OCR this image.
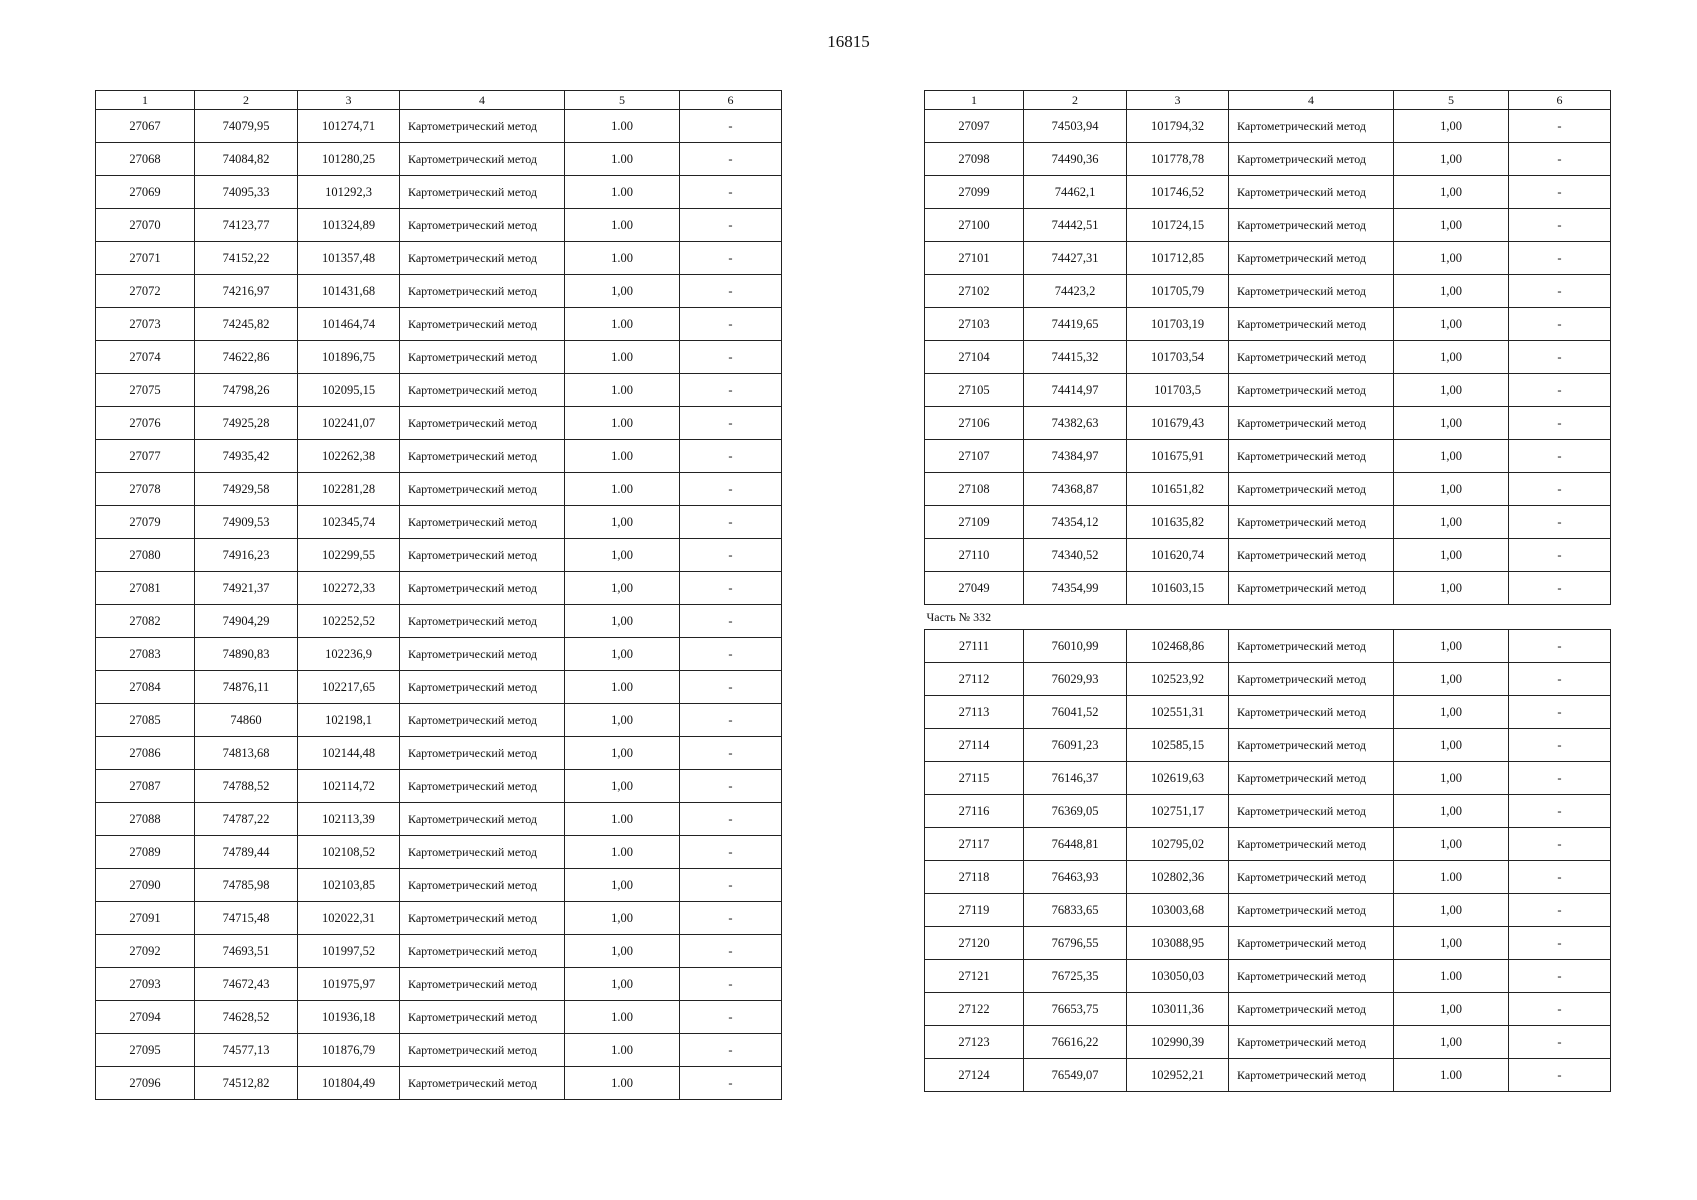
16815
1	2	3	4	5	6
27067	74079,95	101274,71	Картометрический метод	1.00	-
27068	74084,82	101280,25	Картометрический метод	1.00	-
27069	74095,33	101292,3	Картометрический метод	1.00	-
27070	74123,77	101324,89	Картометрический метод	1.00	-
27071	74152,22	101357,48	Картометрический метод	1.00	-
27072	74216,97	101431,68	Картометрический метод	1,00	-
27073	74245,82	101464,74	Картометрический метод	1.00	-
27074	74622,86	101896,75	Картометрический метод	1.00	-
27075	74798,26	102095,15	Картометрический метод	1.00	-
27076	74925,28	102241,07	Картометрический метод	1.00	-
27077	74935,42	102262,38	Картометрический метод	1.00	-
27078	74929,58	102281,28	Картометрический метод	1.00	-
27079	74909,53	102345,74	Картометрический метод	1,00	-
27080	74916,23	102299,55	Картометрический метод	1,00	-
27081	74921,37	102272,33	Картометрический метод	1,00	-
27082	74904,29	102252,52	Картометрический метод	1,00	-
27083	74890,83	102236,9	Картометрический метод	1,00	-
27084	74876,11	102217,65	Картометрический метод	1.00	-
27085	74860	102198,1	Картометрический метод	1,00	-
27086	74813,68	102144,48	Картометрический метод	1,00	-
27087	74788,52	102114,72	Картометрический метод	1,00	-
27088	74787,22	102113,39	Картометрический метод	1.00	-
27089	74789,44	102108,52	Картометрический метод	1.00	-
27090	74785,98	102103,85	Картометрический метод	1,00	-
27091	74715,48	102022,31	Картометрический метод	1,00	-
27092	74693,51	101997,52	Картометрический метод	1,00	-
27093	74672,43	101975,97	Картометрический метод	1,00	-
27094	74628,52	101936,18	Картометрический метод	1.00	-
27095	74577,13	101876,79	Картометрический метод	1.00	-
27096	74512,82	101804,49	Картометрический метод	1.00	-
1	2	3	4	5	6
27097	74503,94	101794,32	Картометрический метод	1,00	-
27098	74490,36	101778,78	Картометрический метод	1,00	-
27099	74462,1	101746,52	Картометрический метод	1,00	-
27100	74442,51	101724,15	Картометрический метод	1,00	-
27101	74427,31	101712,85	Картометрический метод	1,00	-
27102	74423,2	101705,79	Картометрический метод	1,00	-
27103	74419,65	101703,19	Картометрический метод	1,00	-
27104	74415,32	101703,54	Картометрический метод	1,00	-
27105	74414,97	101703,5	Картометрический метод	1,00	-
27106	74382,63	101679,43	Картометрический метод	1,00	-
27107	74384,97	101675,91	Картометрический метод	1,00	-
27108	74368,87	101651,82	Картометрический метод	1,00	-
27109	74354,12	101635,82	Картометрический метод	1,00	-
27110	74340,52	101620,74	Картометрический метод	1,00	-
27049	74354,99	101603,15	Картометрический метод	1,00	-
Часть № 332					
27111	76010,99	102468,86	Картометрический метод	1,00	-
27112	76029,93	102523,92	Картометрический метод	1,00	-
27113	76041,52	102551,31	Картометрический метод	1,00	-
27114	76091,23	102585,15	Картометрический метод	1,00	-
27115	76146,37	102619,63	Картометрический метод	1,00	-
27116	76369,05	102751,17	Картометрический метод	1,00	-
27117	76448,81	102795,02	Картометрический метод	1,00	-
27118	76463,93	102802,36	Картометрический метод	1.00	-
27119	76833,65	103003,68	Картометрический метод	1,00	-
27120	76796,55	103088,95	Картометрический метод	1,00	-
27121	76725,35	103050,03	Картометрический метод	1.00	-
27122	76653,75	103011,36	Картометрический метод	1,00	-
27123	76616,22	102990,39	Картометрический метод	1,00	-
27124	76549,07	102952,21	Картометрический метод	1.00	-
